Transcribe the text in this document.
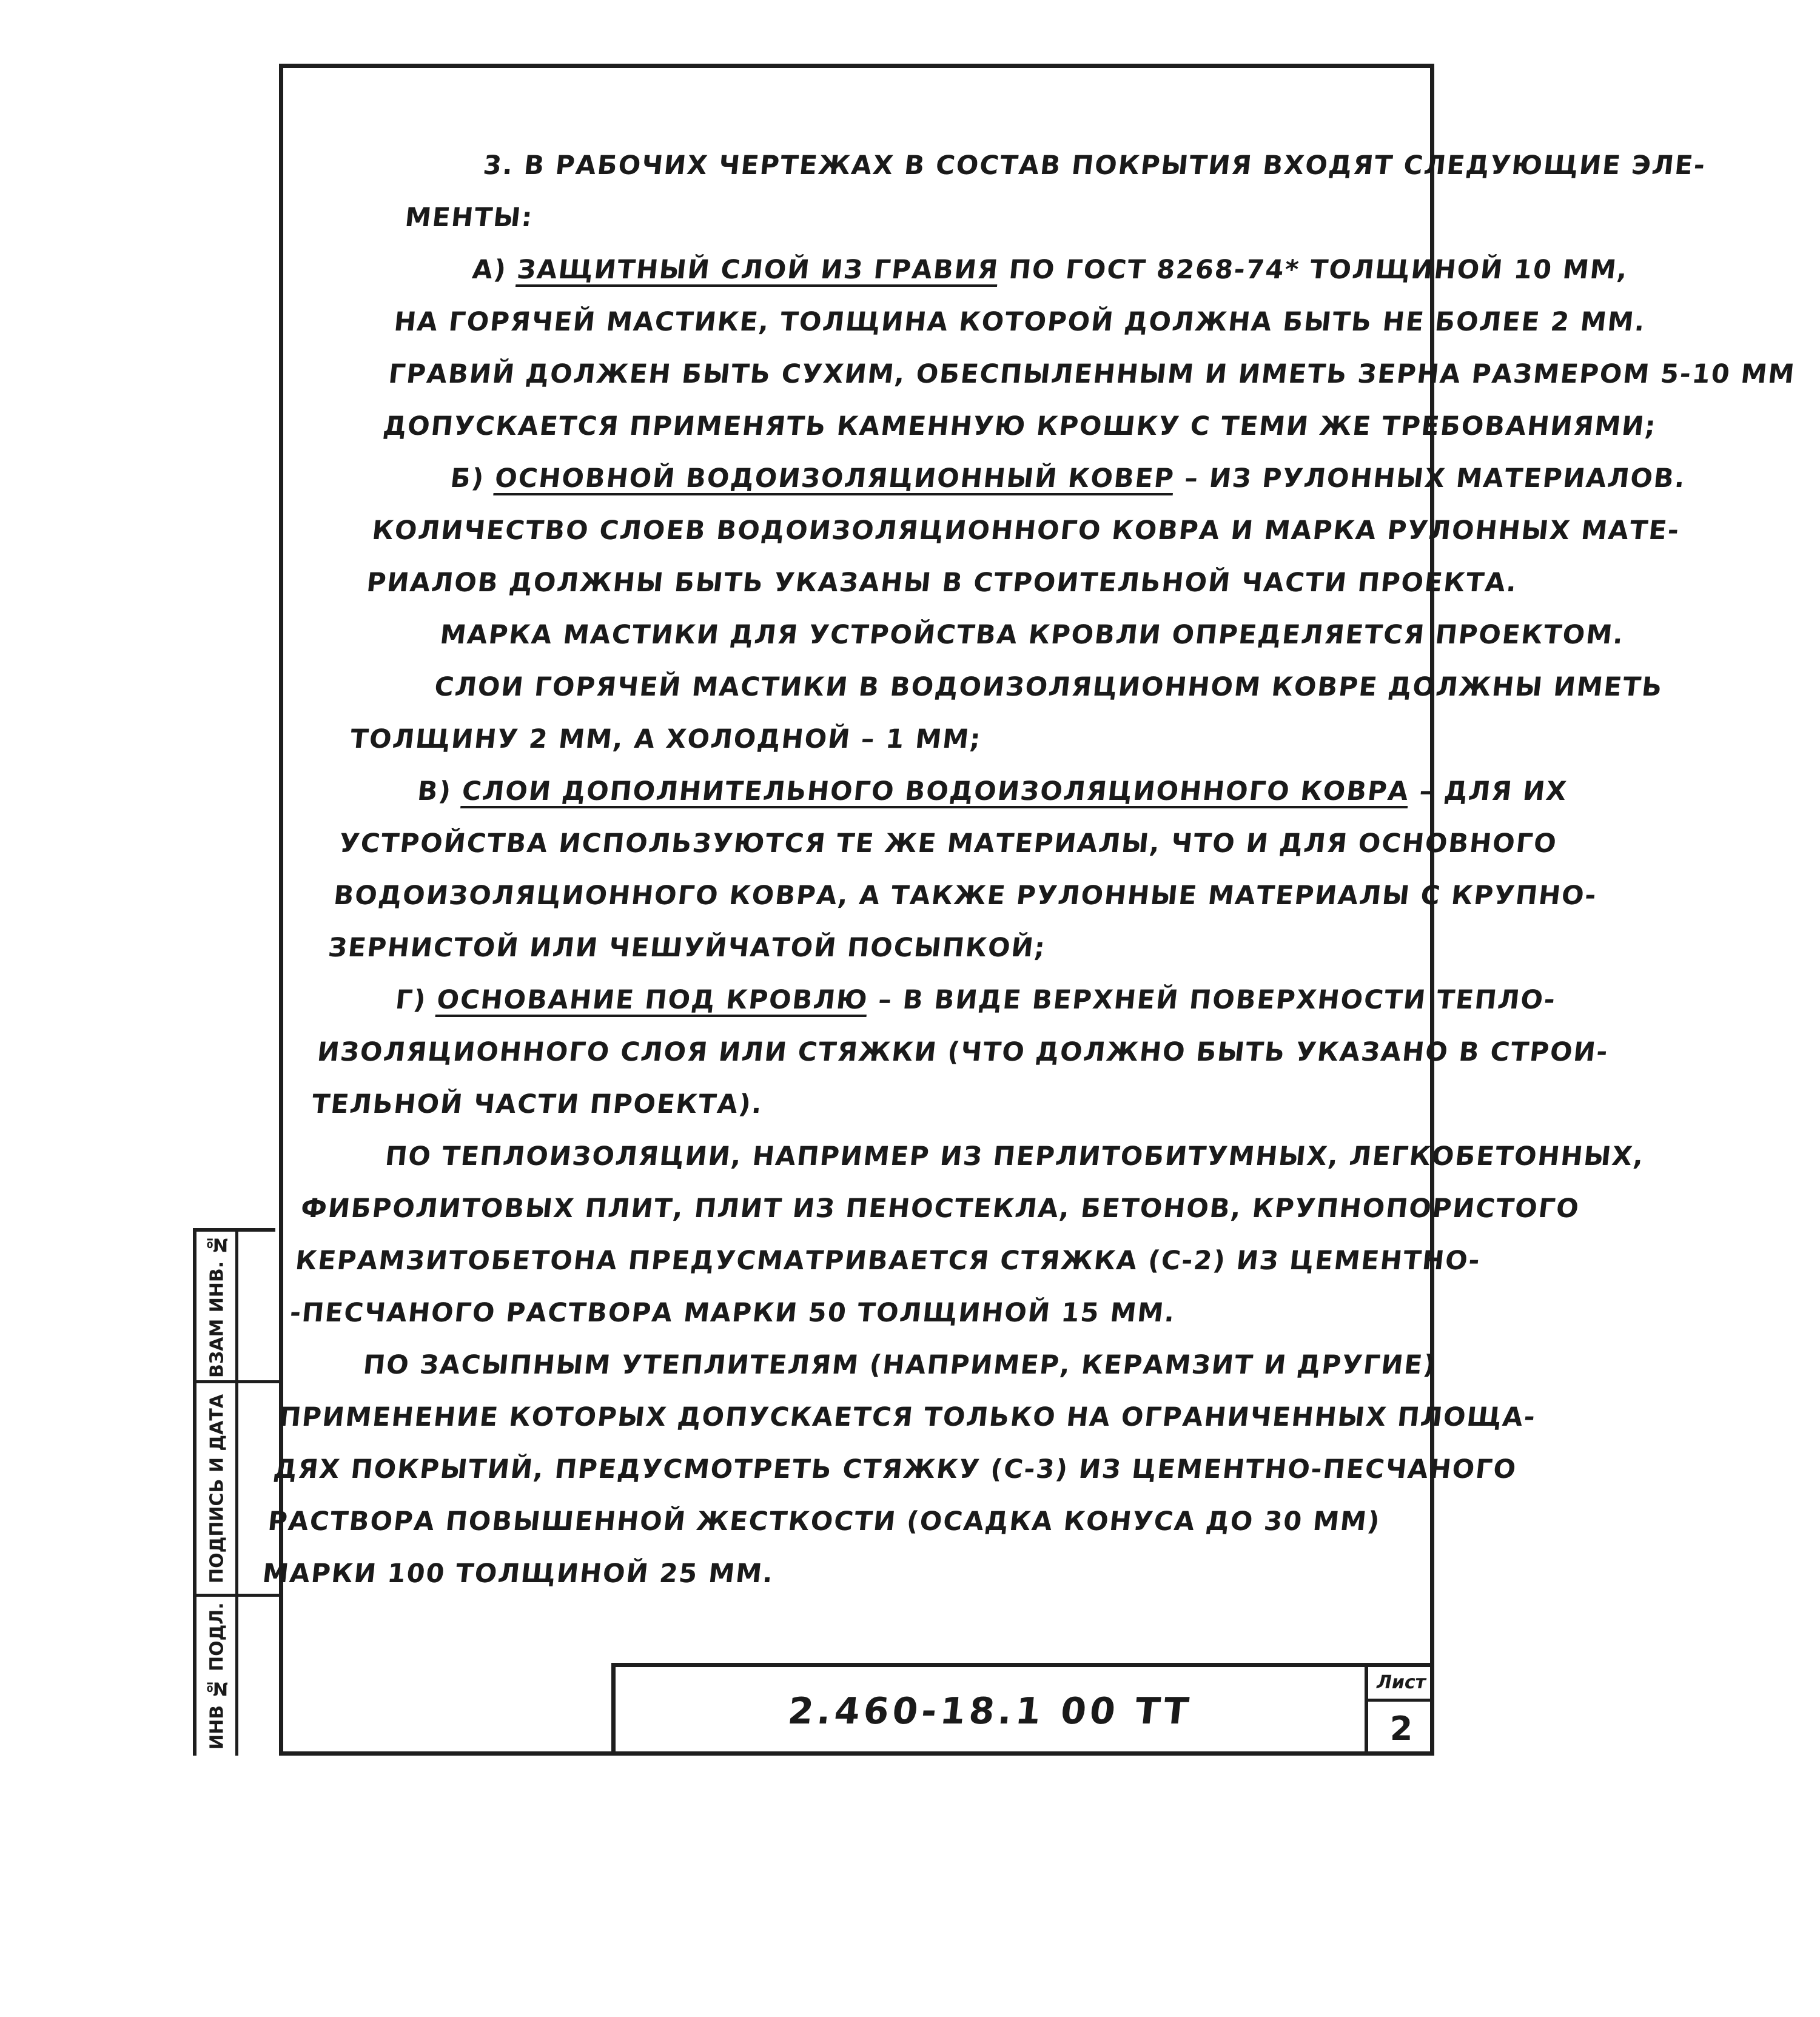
3. В РАБОЧИХ ЧЕРТЕЖАХ В СОСТАВ ПОКРЫТИЯ ВХОДЯТ СЛЕДУЮЩИЕ ЭЛЕ-
МЕНТЫ:
А) ЗАЩИТНЫЙ СЛОЙ ИЗ ГРАВИЯ ПО ГОСТ 8268-74* ТОЛЩИНОЙ 10 ММ,
НА ГОРЯЧЕЙ МАСТИКЕ, ТОЛЩИНА КОТОРОЙ ДОЛЖНА БЫТЬ НЕ БОЛЕЕ 2 ММ.
ГРАВИЙ ДОЛЖЕН БЫТЬ СУХИМ, ОБЕСПЫЛЕННЫМ И ИМЕТЬ ЗЕРНА РАЗМЕРОМ 5-10 ММ
ДОПУСКАЕТСЯ ПРИМЕНЯТЬ КАМЕННУЮ КРОШКУ С ТЕМИ ЖЕ ТРЕБОВАНИЯМИ;
Б) ОСНОВНОЙ ВОДОИЗОЛЯЦИОННЫЙ КОВЕР – ИЗ РУЛОННЫХ МАТЕРИАЛОВ.
КОЛИЧЕСТВО СЛОЕВ ВОДОИЗОЛЯЦИОННОГО КОВРА И МАРКА РУЛОННЫХ МАТЕ-
РИАЛОВ ДОЛЖНЫ БЫТЬ УКАЗАНЫ В СТРОИТЕЛЬНОЙ ЧАСТИ ПРОЕКТА.
МАРКА МАСТИКИ ДЛЯ УСТРОЙСТВА КРОВЛИ ОПРЕДЕЛЯЕТСЯ ПРОЕКТОМ.
СЛОИ ГОРЯЧЕЙ МАСТИКИ В ВОДОИЗОЛЯЦИОННОМ КОВРЕ ДОЛЖНЫ ИМЕТЬ
ТОЛЩИНУ 2 ММ, А ХОЛОДНОЙ – 1 ММ;
В) СЛОИ ДОПОЛНИТЕЛЬНОГО ВОДОИЗОЛЯЦИОННОГО КОВРА – ДЛЯ ИХ
УСТРОЙСТВА ИСПОЛЬЗУЮТСЯ ТЕ ЖЕ МАТЕРИАЛЫ, ЧТО И ДЛЯ ОСНОВНОГО
ВОДОИЗОЛЯЦИОННОГО КОВРА, А ТАКЖЕ РУЛОННЫЕ МАТЕРИАЛЫ С КРУПНО-
ЗЕРНИСТОЙ ИЛИ ЧЕШУЙЧАТОЙ ПОСЫПКОЙ;
Г) ОСНОВАНИЕ ПОД КРОВЛЮ – В ВИДЕ ВЕРХНЕЙ ПОВЕРХНОСТИ ТЕПЛО-
ИЗОЛЯЦИОННОГО СЛОЯ ИЛИ СТЯЖКИ (ЧТО ДОЛЖНО БЫТЬ УКАЗАНО В СТРОИ-
ТЕЛЬНОЙ ЧАСТИ ПРОЕКТА).
ПО ТЕПЛОИЗОЛЯЦИИ, НАПРИМЕР ИЗ ПЕРЛИТОБИТУМНЫХ, ЛЕГКОБЕТОННЫХ,
ФИБРОЛИТОВЫХ ПЛИТ, ПЛИТ ИЗ ПЕНОСТЕКЛА, БЕТОНОВ, КРУПНОПОРИСТОГО
КЕРАМЗИТОБЕТОНА ПРЕДУСМАТРИВАЕТСЯ СТЯЖКА (С-2) ИЗ ЦЕМЕНТНО-
-ПЕСЧАНОГО РАСТВОРА МАРКИ 50 ТОЛЩИНОЙ 15 ММ.
ПО ЗАСЫПНЫМ УТЕПЛИТЕЛЯМ (НАПРИМЕР, КЕРАМЗИТ И ДРУГИЕ)
ПРИМЕНЕНИЕ КОТОРЫХ ДОПУСКАЕТСЯ ТОЛЬКО НА ОГРАНИЧЕННЫХ ПЛОЩА-
ДЯХ ПОКРЫТИЙ, ПРЕДУСМОТРЕТЬ СТЯЖКУ (С-3) ИЗ ЦЕМЕНТНО-ПЕСЧАНОГО
РАСТВОРА ПОВЫШЕННОЙ ЖЕСТКОСТИ (ОСАДКА КОНУСА ДО 30 ММ)
МАРКИ 100 ТОЛЩИНОЙ 25 ММ.
ВЗАМ ИНВ. №
ПОДПИСЬ И ДАТА
ИНВ № ПОДЛ.	2.460-18.1 00 ТТ
Лист
2
